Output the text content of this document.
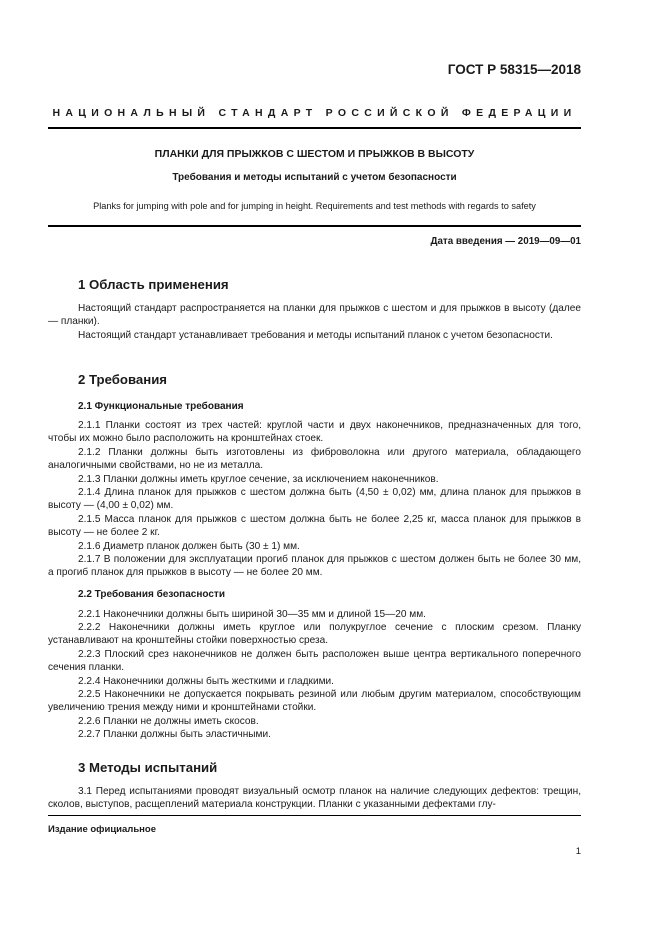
ГОСТ Р 58315—2018
НАЦИОНАЛЬНЫЙ СТАНДАРТ РОССИЙСКОЙ ФЕДЕРАЦИИ
ПЛАНКИ ДЛЯ ПРЫЖКОВ С ШЕСТОМ И ПРЫЖКОВ В ВЫСОТУ
Требования и методы испытаний с учетом безопасности
Planks for jumping with pole and for jumping in height. Requirements and test methods with regards to safety
Дата введения — 2019—09—01
1 Область применения

Настоящий стандарт распространяется на планки для прыжков с шестом и для прыжков в высоту (далее — планки).

Настоящий стандарт устанавливает требования и методы испытаний планок с учетом безопасности.

2 Требования
2.1 Функциональные требования

2.1.1 Планки состоят из трех частей: круглой части и двух наконечников, предназначенных для того, чтобы их можно было расположить на кронштейнах стоек.

2.1.2 Планки должны быть изготовлены из фиброволокна или другого материала, обладающего аналогичными свойствами, но не из металла.

2.1.3 Планки должны иметь круглое сечение, за исключением наконечников.

2.1.4 Длина планок для прыжков с шестом должна быть (4,50 ± 0,02) мм, длина планок для прыжков в высоту — (4,00 ± 0,02) мм.

2.1.5 Масса планок для прыжков с шестом должна быть не более 2,25 кг, масса планок для прыжков в высоту — не более 2 кг.

2.1.6 Диаметр планок должен быть (30 ± 1) мм.

2.1.7 В положении для эксплуатации прогиб планок для прыжков с шестом должен быть не более 30 мм, а прогиб планок для прыжков в высоту — не более 20 мм.

2.2 Требования безопасности

2.2.1 Наконечники должны быть шириной 30—35 мм и длиной 15—20 мм.

2.2.2 Наконечники должны иметь круглое или полукруглое сечение с плоским срезом. Планку устанавливают на кронштейны стойки поверхностью среза.

2.2.3 Плоский срез наконечников не должен быть расположен выше центра вертикального поперечного сечения планки.

2.2.4 Наконечники должны быть жесткими и гладкими.

2.2.5 Наконечники не допускается покрывать резиной или любым другим материалом, способствующим увеличению трения между ними и кронштейнами стойки.

2.2.6 Планки не должны иметь скосов.

2.2.7 Планки должны быть эластичными.

3 Методы испытаний

3.1 Перед испытаниями проводят визуальный осмотр планок на наличие следующих дефектов: трещин, сколов, выступов, расщеплений материала конструкции. Планки с указанными дефектами глу-

Издание официальное
1
